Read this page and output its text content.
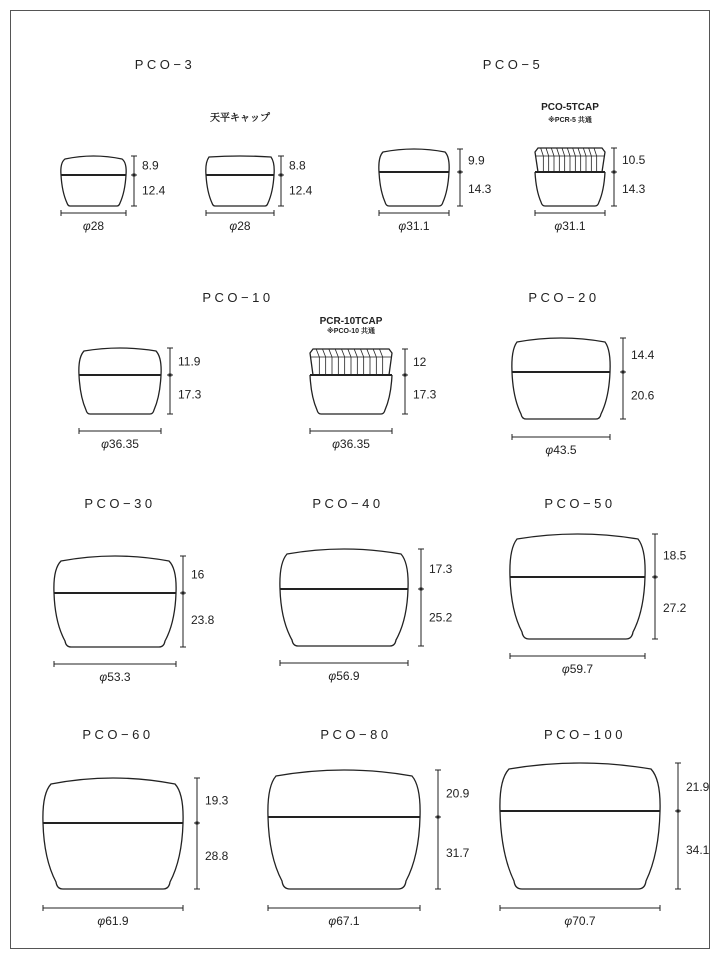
PCO−3
8.9
12.4
φ28
天平キャップ
8.8
12.4
φ28
PCO−5
9.9
14.3
φ31.1
PCO-5TCAP
※PCR-5 共通
10.5
14.3
φ31.1
PCO−10
11.9
17.3
φ36.35
PCR-10TCAP
※PCO-10 共通
12
17.3
φ36.35
PCO−20
14.4
20.6
φ43.5
PCO−30
16
23.8
φ53.3
PCO−40
17.3
25.2
φ56.9
PCO−50
18.5
27.2
φ59.7
PCO−60
19.3
28.8
φ61.9
PCO−80
20.9
31.7
φ67.1
PCO−100
21.9
34.1
φ70.7
